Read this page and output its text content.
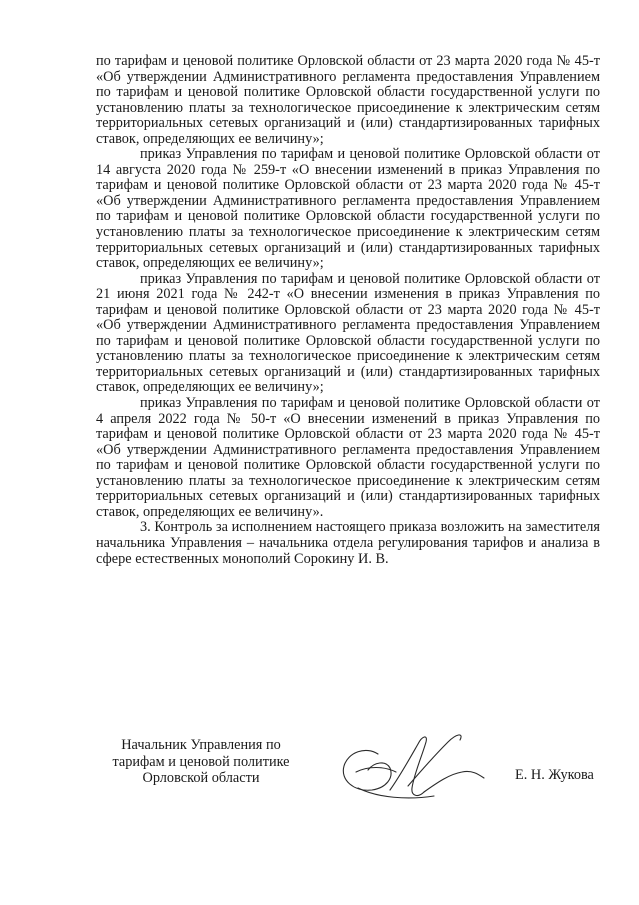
по тарифам и ценовой политике Орловской области от 23 марта 2020 года № 45-т «Об утверждении Административного регламента предоставления Управлением по тарифам и ценовой политике Орловской области государственной услуги по установлению платы за технологическое присоединение к электрическим сетям территориальных сетевых организаций и (или) стандартизированных тарифных ставок, определяющих ее величину»;

приказ Управления по тарифам и ценовой политике Орловской области от 14 августа 2020 года № 259-т «О внесении изменений в приказ Управления по тарифам и ценовой политике Орловской области от 23 марта 2020 года № 45-т «Об утверждении Административного регламента предоставления Управлением по тарифам и ценовой политике Орловской области государственной услуги по установлению платы за технологическое присоединение к электрическим сетям территориальных сетевых организаций и (или) стандартизированных тарифных ставок, определяющих ее величину»;

приказ Управления по тарифам и ценовой политике Орловской области от 21 июня 2021 года № 242-т «О внесении изменения в приказ Управления по тарифам и ценовой политике Орловской области от 23 марта 2020 года № 45-т «Об утверждении Административного регламента предоставления Управлением по тарифам и ценовой политике Орловской области государственной услуги по установлению платы за технологическое присоединение к электрическим сетям территориальных сетевых организаций и (или) стандартизированных тарифных ставок, определяющих ее величину»;

приказ Управления по тарифам и ценовой политике Орловской области от 4 апреля 2022 года № 50-т «О внесении изменений в приказ Управления по тарифам и ценовой политике Орловской области от 23 марта 2020 года № 45-т «Об утверждении Административного регламента предоставления Управлением по тарифам и ценовой политике Орловской области государственной услуги по установлению платы за технологическое присоединение к электрическим сетям территориальных сетевых организаций и (или) стандартизированных тарифных ставок, определяющих ее величину».

3. Контроль за исполнением настоящего приказа возложить на заместителя начальника Управления – начальника отдела регулирования тарифов и анализа в сфере естественных монополий Сорокину И. В.

Начальник Управления по
тарифам и ценовой политике
Орловской области	Е. Н. Жукова
